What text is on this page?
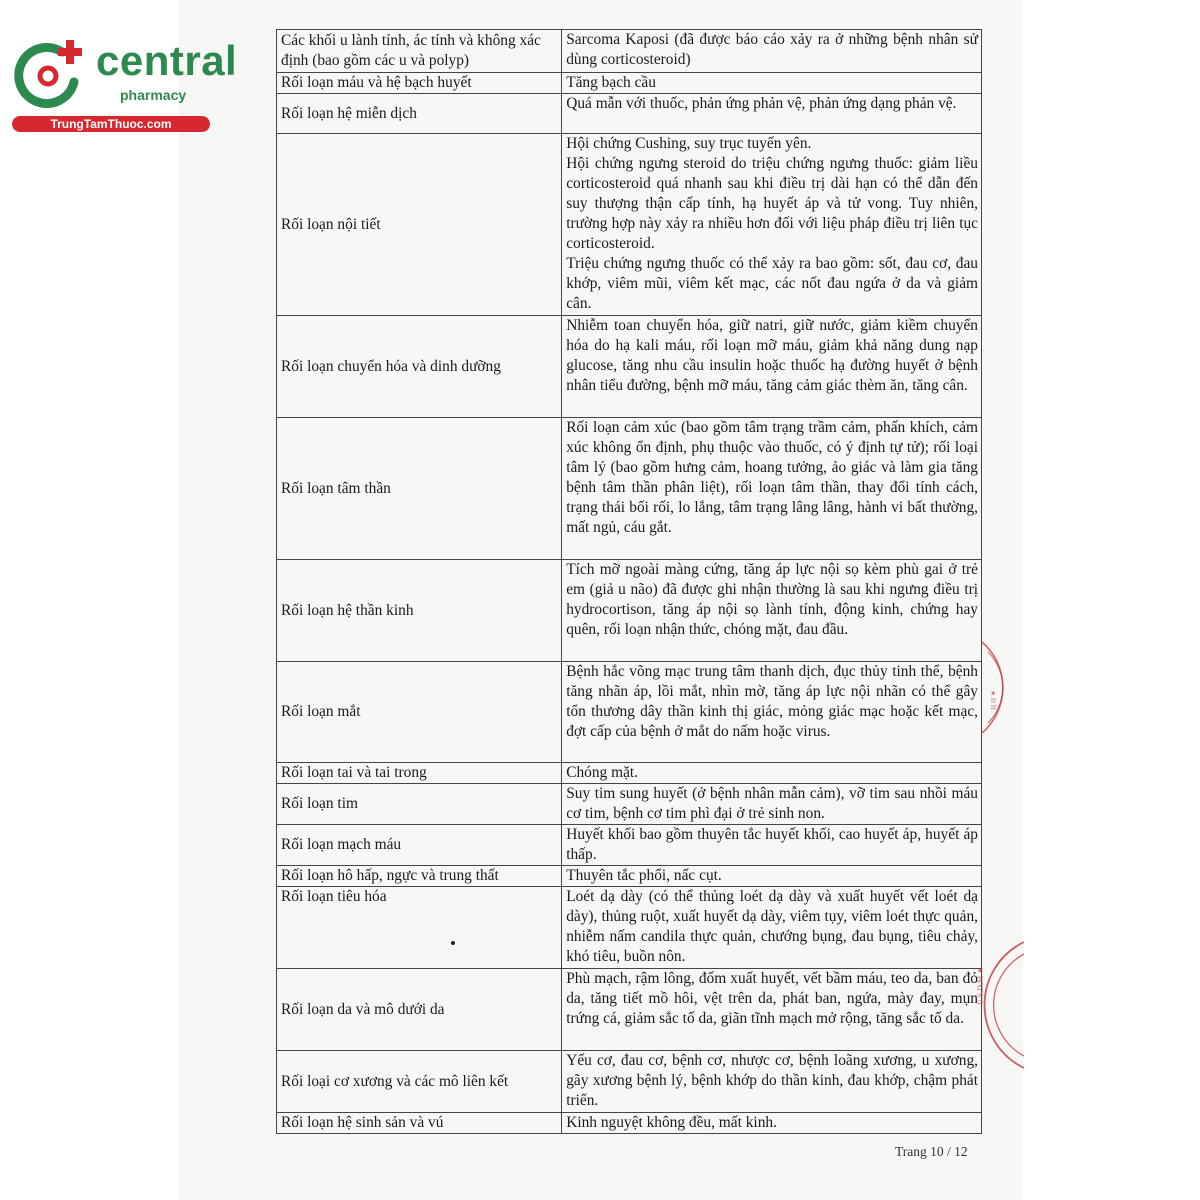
central
pharmacy
TrungTamThuoc.com
Các khối u lành tính, ác tính và không xác định (bao gồm các u và polyp)	Sarcoma Kaposi (đã được báo cáo xảy ra ở những bệnh nhân sử dùng corticosteroid)

Rối loạn máu và hệ bạch huyết	Tăng bạch cầu

Rối loạn hệ miễn dịch	Quá mẫn với thuốc, phản ứng phản vệ, phản ứng dạng phản vệ.

Rối loạn nội tiết	Hội chứng Cushing, suy trục tuyến yên.
Hội chứng ngưng steroid do triệu chứng ngưng thuốc: giảm liều corticosteroid quá nhanh sau khi điều trị dài hạn có thể dẫn đến suy thượng thận cấp tính, hạ huyết áp và tử vong. Tuy nhiên, trường hợp này xảy ra nhiều hơn đối với liệu pháp điều trị liên tục corticosteroid.
Triệu chứng ngưng thuốc có thể xảy ra bao gồm: sốt, đau cơ, đau khớp, viêm mũi, viêm kết mạc, các nốt đau ngứa ở da và giảm cân.

Rối loạn chuyển hóa và dinh dưỡng	Nhiễm toan chuyển hóa, giữ natri, giữ nước, giảm kiềm chuyển hóa do hạ kali máu, rối loạn mỡ máu, giảm khả năng dung nạp glucose, tăng nhu cầu insulin hoặc thuốc hạ đường huyết ở bệnh nhân tiểu đường, bệnh mỡ máu, tăng cảm giác thèm ăn, tăng cân.

Rối loạn tâm thần	Rối loạn cảm xúc (bao gồm tâm trạng trầm cảm, phấn khích, cảm xúc không ổn định, phụ thuộc vào thuốc, có ý định tự tử); rối loại tâm lý (bao gồm hưng cảm, hoang tưởng, ảo giác và làm gia tăng bệnh tâm thần phân liệt), rối loạn tâm thần, thay đổi tính cách, trạng thái bối rối, lo lắng, tâm trạng lâng lâng, hành vi bất thường, mất ngủ, cáu gắt.

Rối loạn hệ thần kinh	Tích mỡ ngoài màng cứng, tăng áp lực nội sọ kèm phù gai ở trẻ em (giả u não) đã được ghi nhận thường là sau khi ngưng điều trị hydrocortison, tăng áp nội sọ lành tính, động kinh, chứng hay quên, rối loạn nhận thức, chóng mặt, đau đầu.

Rối loạn mắt	Bệnh hắc võng mạc trung tâm thanh dịch, đục thủy tinh thể, bệnh tăng nhãn áp, lồi mắt, nhìn mờ, tăng áp lực nội nhãn có thể gây tổn thương dây thần kinh thị giác, mỏng giác mạc hoặc kết mạc, đợt cấp của bệnh ở mắt do nấm hoặc virus.

Rối loạn tai và tai trong	Chóng mặt.

Rối loạn tim	Suy tim sung huyết (ở bệnh nhân mẫn cảm), vỡ tim sau nhồi máu cơ tim, bệnh cơ tim phì đại ở trẻ sinh non.

Rối loạn mạch máu	Huyết khối bao gồm thuyên tắc huyết khối, cao huyết áp, huyết áp thấp.

Rối loạn hô hấp, ngực và trung thất	Thuyên tắc phổi, nấc cụt.

Rối loạn tiêu hóa	Loét dạ dày (có thể thủng loét dạ dày và xuất huyết vết loét dạ dày), thủng ruột, xuất huyết dạ dày, viêm tụy, viêm loét thực quản, nhiễm nấm candila thực quản, chướng bụng, đau bụng, tiêu chảy, khó tiêu, buồn nôn.

Rối loạn da và mô dưới da	Phù mạch, rậm lông, đốm xuất huyết, vết bầm máu, teo da, ban đỏ da, tăng tiết mồ hôi, vệt trên da, phát ban, ngứa, mày đay, mụn trứng cá, giảm sắc tố da, giãn tĩnh mạch mở rộng, tăng sắc tố da.

Rối loại cơ xương và các mô liên kết	Yếu cơ, đau cơ, bệnh cơ, nhược cơ, bệnh loãng xương, u xương, gãy xương bệnh lý, bệnh khớp do thần kinh, đau khớp, chậm phát triển.

Rối loạn hệ sinh sản và vú	Kinh nguyệt không đều, mất kinh.
★ H H
U.S.D.M ★
Trang 10 / 12
